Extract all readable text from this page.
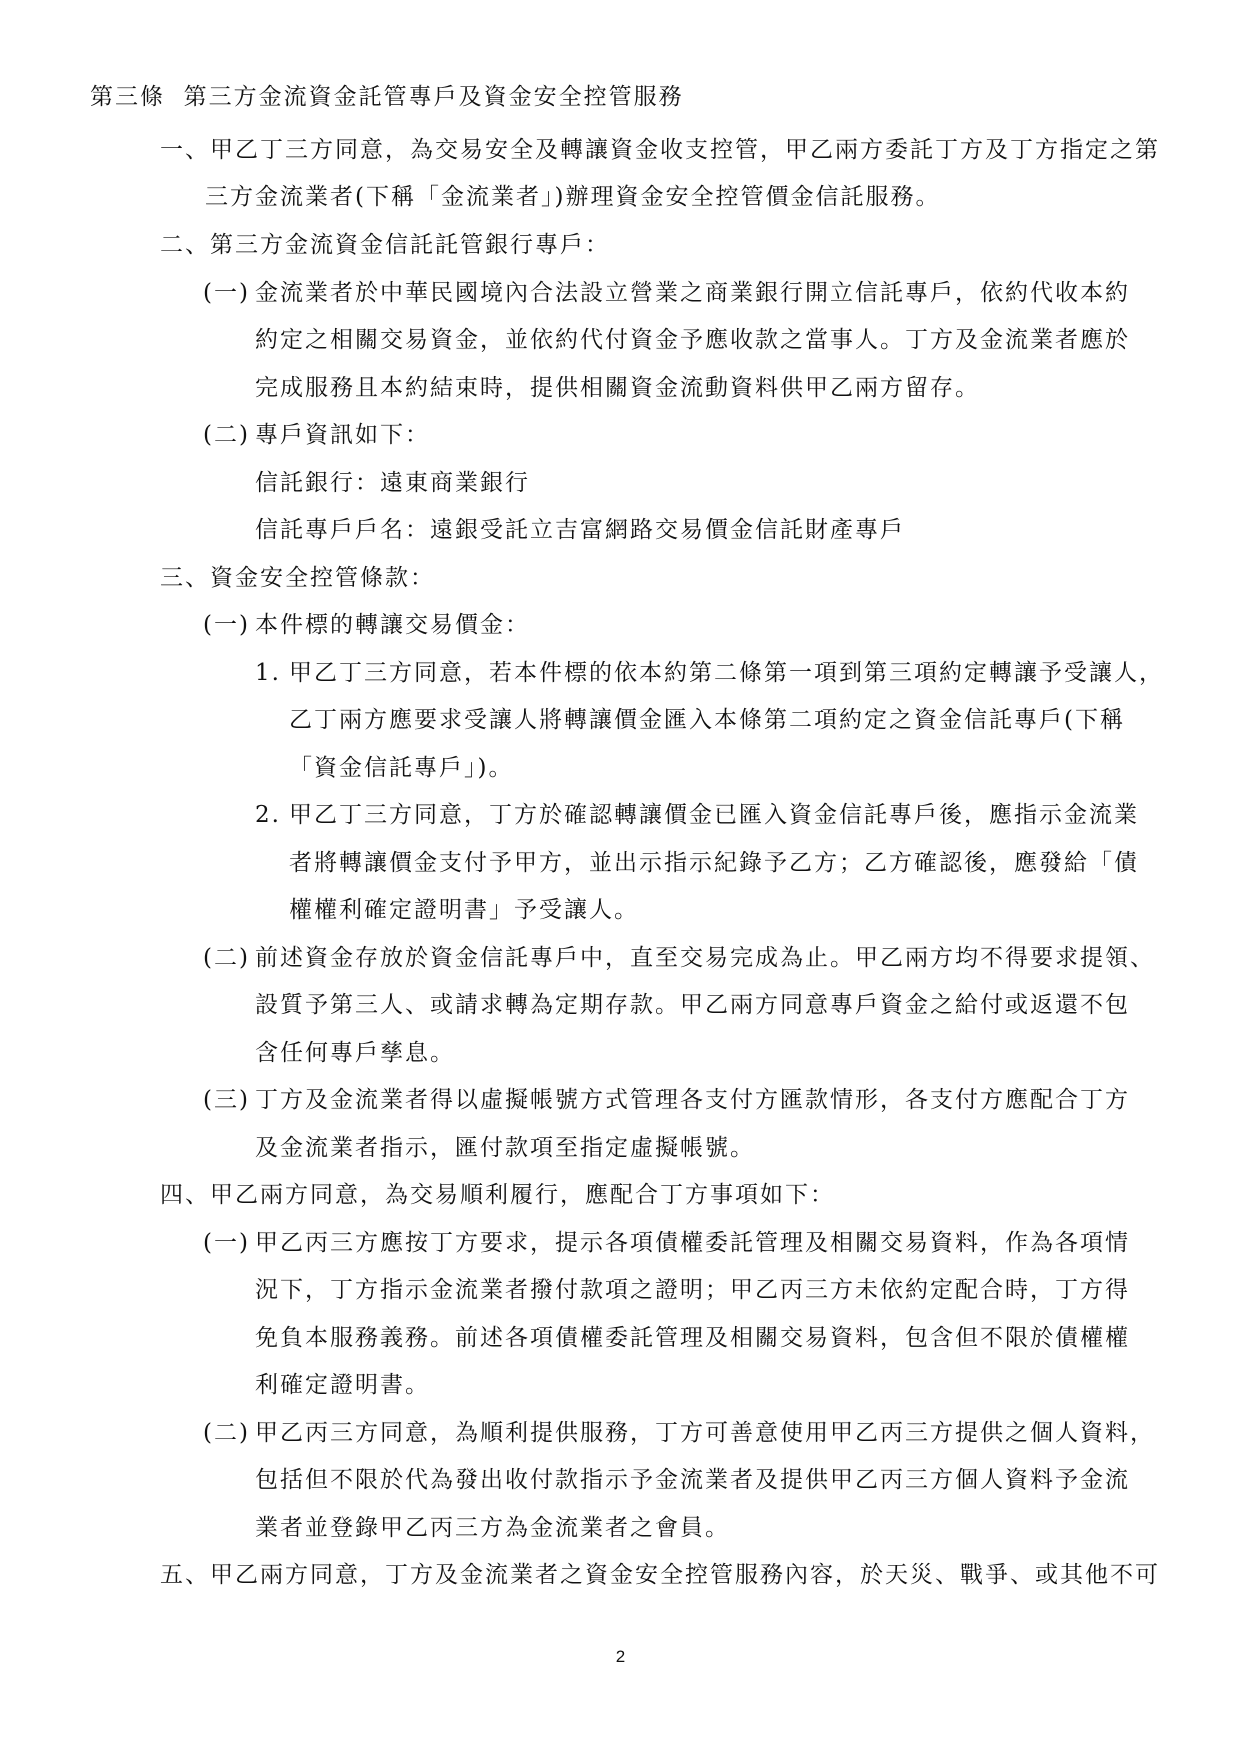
第三條 第三方金流資金託管專戶及資金安全控管服務
一、甲乙丁三方同意，為交易安全及轉讓資金收支控管，甲乙兩方委託丁方及丁方指定之第
三方金流業者(下稱「金流業者」)辦理資金安全控管價金信託服務。
二、第三方金流資金信託託管銀行專戶：
(一) 金流業者於中華民國境內合法設立營業之商業銀行開立信託專戶，依約代收本約
約定之相關交易資金，並依約代付資金予應收款之當事人。丁方及金流業者應於
完成服務且本約結束時，提供相關資金流動資料供甲乙兩方留存。
(二) 專戶資訊如下：
信託銀行：遠東商業銀行
信託專戶戶名：遠銀受託立吉富網路交易價金信託財產專戶
三、資金安全控管條款：
(一) 本件標的轉讓交易價金：
1. 甲乙丁三方同意，若本件標的依本約第二條第一項到第三項約定轉讓予受讓人，
乙丁兩方應要求受讓人將轉讓價金匯入本條第二項約定之資金信託專戶(下稱
「資金信託專戶」)。
2. 甲乙丁三方同意，丁方於確認轉讓價金已匯入資金信託專戶後，應指示金流業
者將轉讓價金支付予甲方，並出示指示紀錄予乙方；乙方確認後，應發給「債
權權利確定證明書」予受讓人。
(二) 前述資金存放於資金信託專戶中，直至交易完成為止。甲乙兩方均不得要求提領、
設質予第三人、或請求轉為定期存款。甲乙兩方同意專戶資金之給付或返還不包
含任何專戶孳息。
(三) 丁方及金流業者得以虛擬帳號方式管理各支付方匯款情形，各支付方應配合丁方
及金流業者指示，匯付款項至指定虛擬帳號。
四、甲乙兩方同意，為交易順利履行，應配合丁方事項如下：
(一) 甲乙丙三方應按丁方要求，提示各項債權委託管理及相關交易資料，作為各項情
況下，丁方指示金流業者撥付款項之證明；甲乙丙三方未依約定配合時，丁方得
免負本服務義務。前述各項債權委託管理及相關交易資料，包含但不限於債權權
利確定證明書。
(二) 甲乙丙三方同意，為順利提供服務，丁方可善意使用甲乙丙三方提供之個人資料，
包括但不限於代為發出收付款指示予金流業者及提供甲乙丙三方個人資料予金流
業者並登錄甲乙丙三方為金流業者之會員。
五、甲乙兩方同意，丁方及金流業者之資金安全控管服務內容，於天災、戰爭、或其他不可
2
